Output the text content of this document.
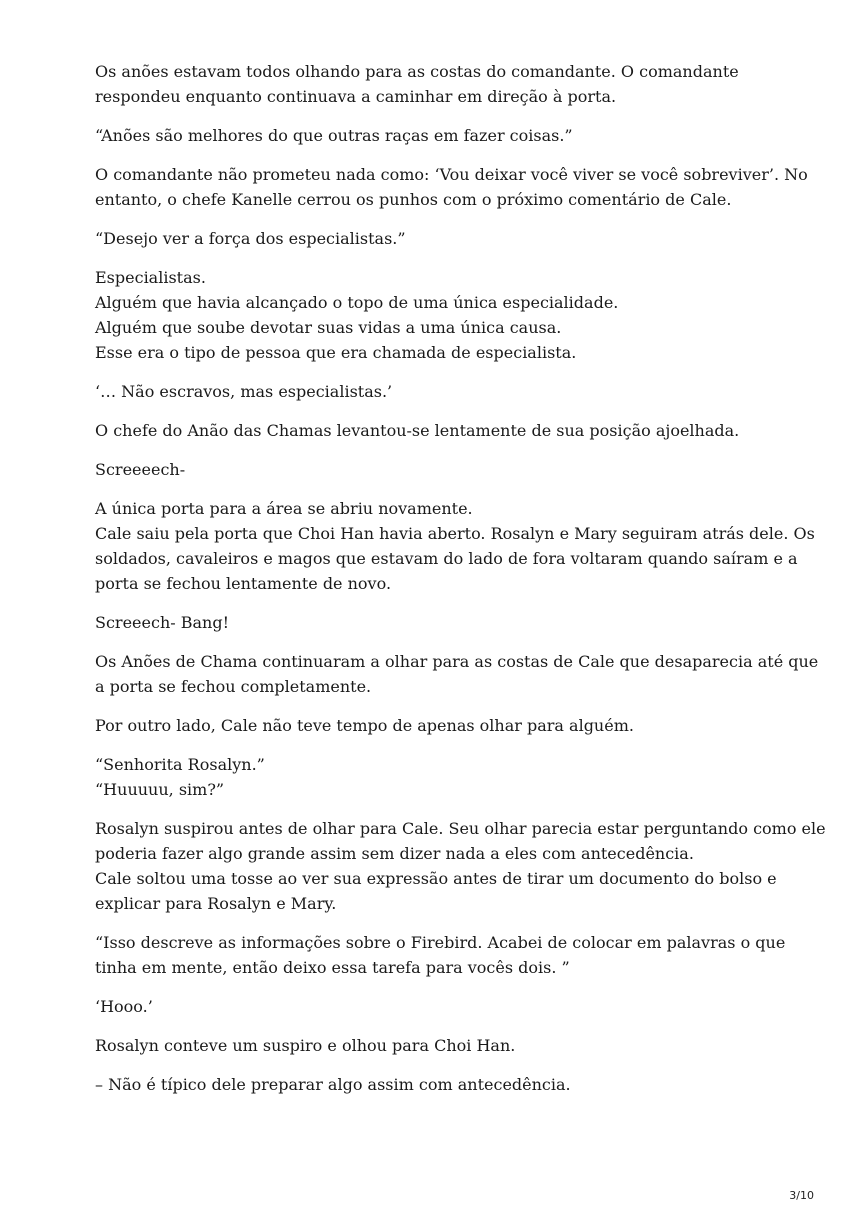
Os anões estavam todos olhando para as costas do comandante. O comandante
respondeu enquanto continuava a caminhar em direção à porta.

“Anões são melhores do que outras raças em fazer coisas.”

O comandante não prometeu nada como: ‘Vou deixar você viver se você sobreviver’. No
entanto, o chefe Kanelle cerrou os punhos com o próximo comentário de Cale.

“Desejo ver a força dos especialistas.”

Especialistas.
Alguém que havia alcançado o topo de uma única especialidade.
Alguém que soube devotar suas vidas a uma única causa.
Esse era o tipo de pessoa que era chamada de especialista.

‘… Não escravos, mas especialistas.’

O chefe do Anão das Chamas levantou-se lentamente de sua posição ajoelhada.

Screeeech-

A única porta para a área se abriu novamente.
Cale saiu pela porta que Choi Han havia aberto. Rosalyn e Mary seguiram atrás dele. Os
soldados, cavaleiros e magos que estavam do lado de fora voltaram quando saíram e a
porta se fechou lentamente de novo.

Screeech- Bang!

Os Anões de Chama continuaram a olhar para as costas de Cale que desaparecia até que
a porta se fechou completamente.

Por outro lado, Cale não teve tempo de apenas olhar para alguém.

“Senhorita Rosalyn.”
“Huuuuu, sim?”

Rosalyn suspirou antes de olhar para Cale. Seu olhar parecia estar perguntando como ele
poderia fazer algo grande assim sem dizer nada a eles com antecedência.
Cale soltou uma tosse ao ver sua expressão antes de tirar um documento do bolso e
explicar para Rosalyn e Mary.

“Isso descreve as informações sobre o Firebird. Acabei de colocar em palavras o que
tinha em mente, então deixo essa tarefa para vocês dois. ”

‘Hooo.’

Rosalyn conteve um suspiro e olhou para Choi Han.

– Não é típico dele preparar algo assim com antecedência.

3/10
